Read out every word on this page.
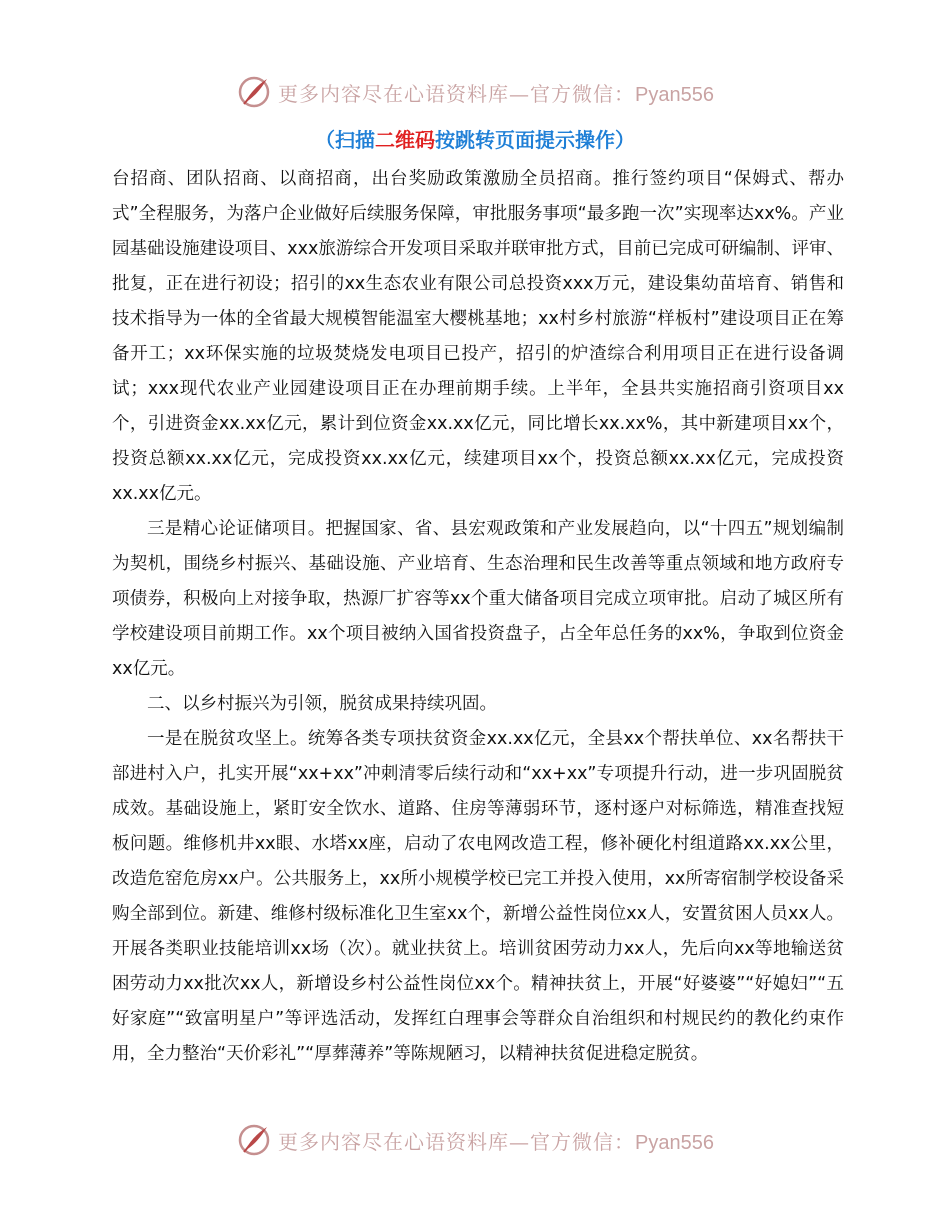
更多内容尽在心语资料库—官方微信：Pyan556
（扫描二维码按跳转页面提示操作）

台招商、团队招商、以商招商，出台奖励政策激励全员招商。推行签约项目“保姆式、帮办式”全程服务，为落户企业做好后续服务保障，审批服务事项“最多跑一次”实现率达xx%。产业园基础设施建设项目、xxx旅游综合开发项目采取并联审批方式，目前已完成可研编制、评审、批复，正在进行初设；招引的xx生态农业有限公司总投资xxx万元，建设集幼苗培育、销售和技术指导为一体的全省最大规模智能温室大樱桃基地；xx村乡村旅游“样板村”建设项目正在筹备开工；xx环保实施的垃圾焚烧发电项目已投产，招引的炉渣综合利用项目正在进行设备调试；xxx现代农业产业园建设项目正在办理前期手续。上半年，全县共实施招商引资项目xx个，引进资金xx.xx亿元，累计到位资金xx.xx亿元，同比增长xx.xx%，其中新建项目xx个，投资总额xx.xx亿元，完成投资xx.xx亿元，续建项目xx个，投资总额xx.xx亿元，完成投资xx.xx亿元。

三是精心论证储项目。把握国家、省、县宏观政策和产业发展趋向，以“十四五”规划编制为契机，围绕乡村振兴、基础设施、产业培育、生态治理和民生改善等重点领域和地方政府专项债券，积极向上对接争取，热源厂扩容等xx个重大储备项目完成立项审批。启动了城区所有学校建设项目前期工作。xx个项目被纳入国省投资盘子，占全年总任务的xx%，争取到位资金xx亿元。

二、以乡村振兴为引领，脱贫成果持续巩固。

一是在脱贫攻坚上。统筹各类专项扶贫资金xx.xx亿元，全县xx个帮扶单位、xx名帮扶干部进村入户，扎实开展“xx+xx”冲刺清零后续行动和“xx+xx”专项提升行动，进一步巩固脱贫成效。基础设施上，紧盯安全饮水、道路、住房等薄弱环节，逐村逐户对标筛选，精准查找短板问题。维修机井xx眼、水塔xx座，启动了农电网改造工程，修补硬化村组道路xx.xx公里，改造危窑危房xx户。公共服务上，xx所小规模学校已完工并投入使用，xx所寄宿制学校设备采购全部到位。新建、维修村级标准化卫生室xx个，新增公益性岗位xx人，安置贫困人员xx人。开展各类职业技能培训xx场（次）。就业扶贫上。培训贫困劳动力xx人，先后向xx等地输送贫困劳动力xx批次xx人，新增设乡村公益性岗位xx个。精神扶贫上，开展“好婆婆”“好媳妇”“五好家庭”“致富明星户”等评选活动，发挥红白理事会等群众自治组织和村规民约的教化约束作用，全力整治“天价彩礼”“厚葬薄养”等陈规陋习，以精神扶贫促进稳定脱贫。

更多内容尽在心语资料库—官方微信：Pyan556
